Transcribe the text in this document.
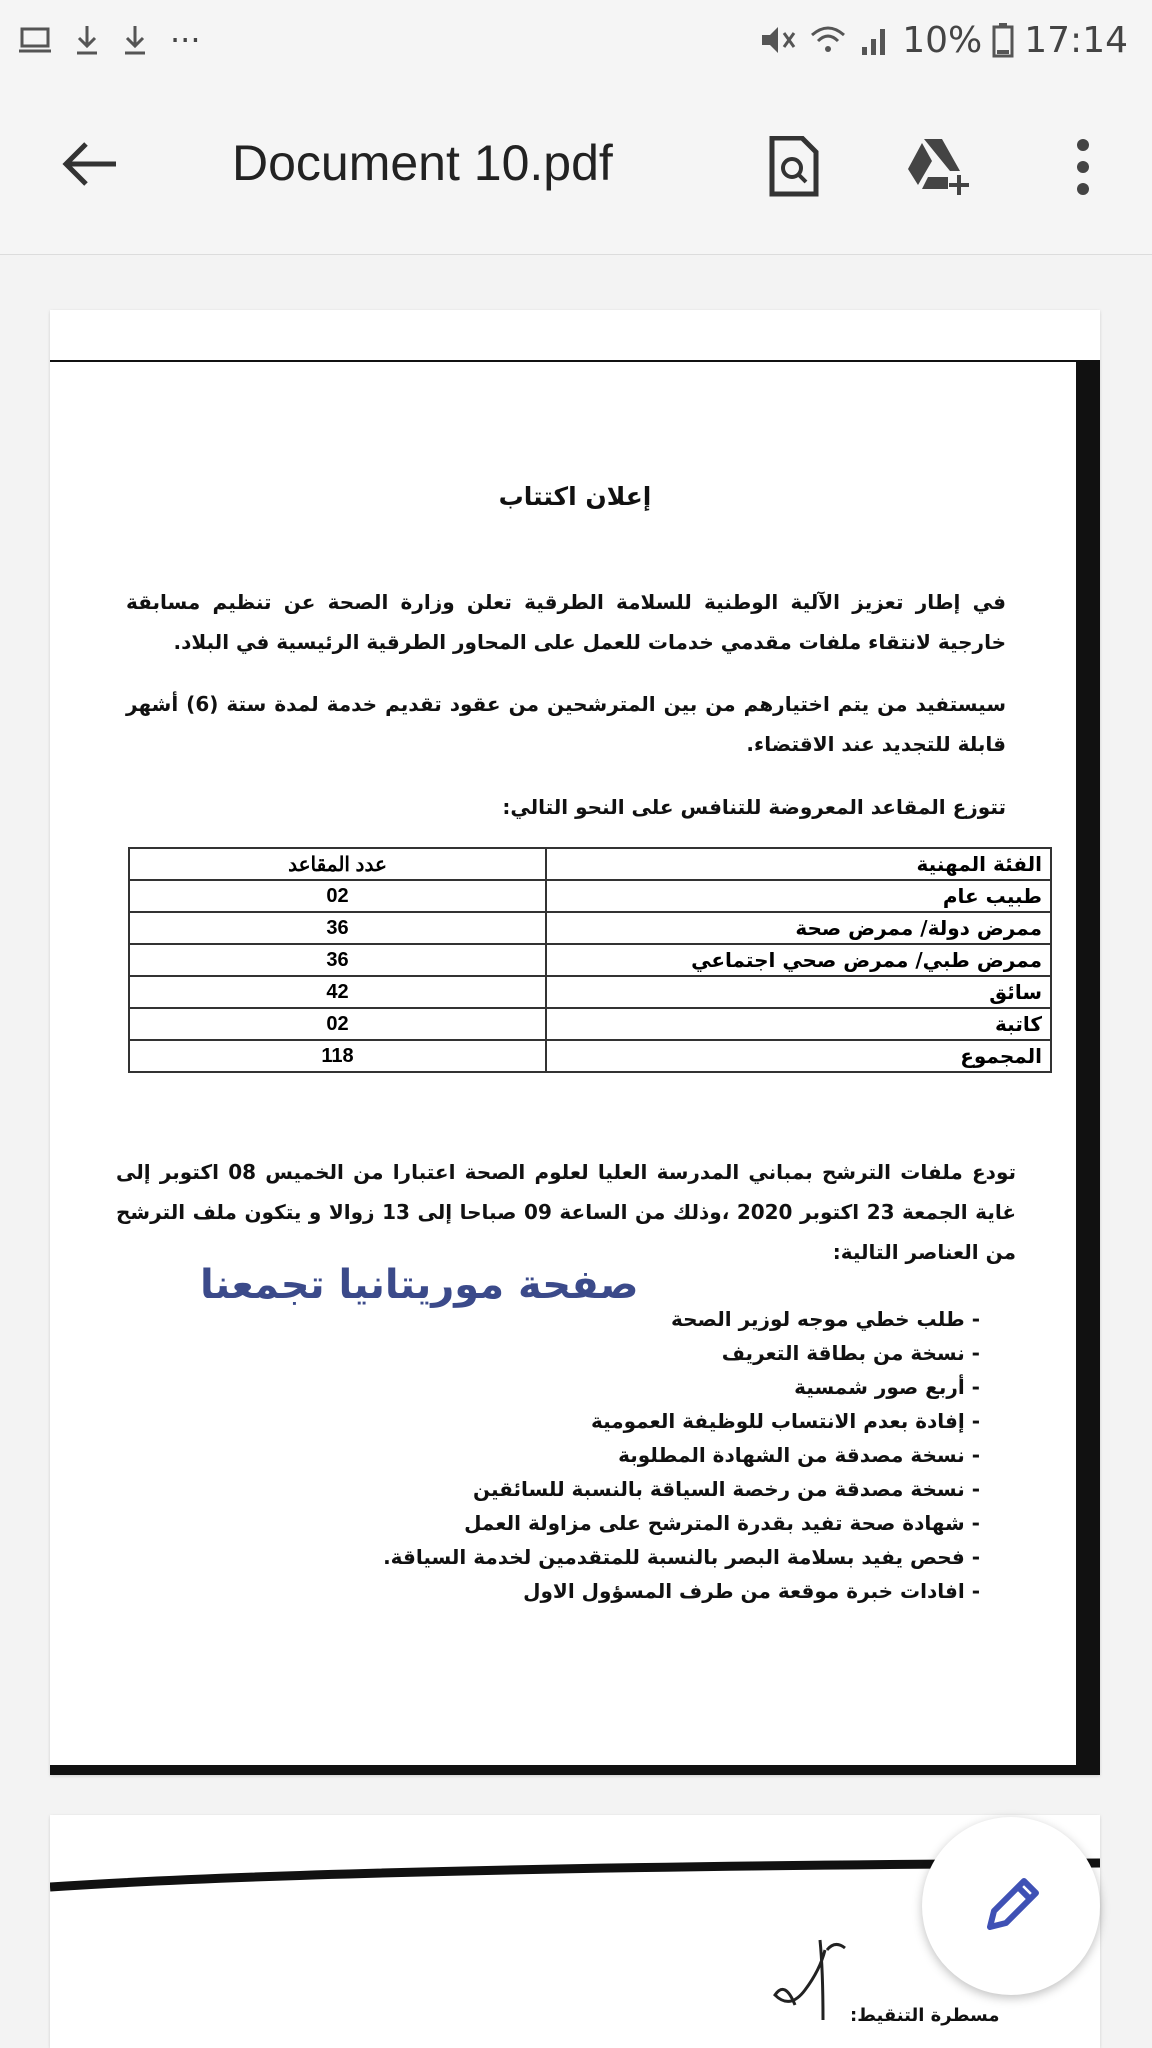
···	10% 17:14
Document 10.pdf
إعلان اكتتاب
في إطار تعزيز الآلية الوطنية للسلامة الطرقية تعلن وزارة الصحة عن تنظيم مسابقة خارجية لانتقاء ملفات مقدمي خدمات للعمل على المحاور الطرقية الرئيسية في البلاد.
سيستفيد من يتم اختيارهم من بين المترشحين من عقود تقديم خدمة لمدة ستة (6) أشهر قابلة للتجديد عند الاقتضاء.
تتوزع المقاعد المعروضة للتنافس على النحو التالي:
عدد المقاعد	الفئة المهنية
02	طبيب عام
36	ممرض دولة/ ممرض صحة
36	ممرض طبي/ ممرض صحي اجتماعي
42	سائق
02	كاتبة
118	المجموع
تودع ملفات الترشح بمباني المدرسة العليا لعلوم الصحة اعتبارا من الخميس 08 اكتوبر إلى غاية الجمعة 23 اكتوبر 2020 ،وذلك من الساعة 09 صباحا إلى 13 زوالا و يتكون ملف الترشح من العناصر التالية:
صفحة موريتانيا تجمعنا
- طلب خطي موجه لوزير الصحة
- نسخة من بطاقة التعريف
- أربع صور شمسية
- إفادة بعدم الانتساب للوظيفة العمومية
- نسخة مصدقة من الشهادة المطلوبة
- نسخة مصدقة من رخصة السياقة بالنسبة للسائقين
- شهادة صحة تفيد بقدرة المترشح على مزاولة العمل
- فحص يفيد بسلامة البصر بالنسبة للمتقدمين لخدمة السياقة.
- افادات خبرة موقعة من طرف المسؤول الاول
مسطرة التنقيط:
